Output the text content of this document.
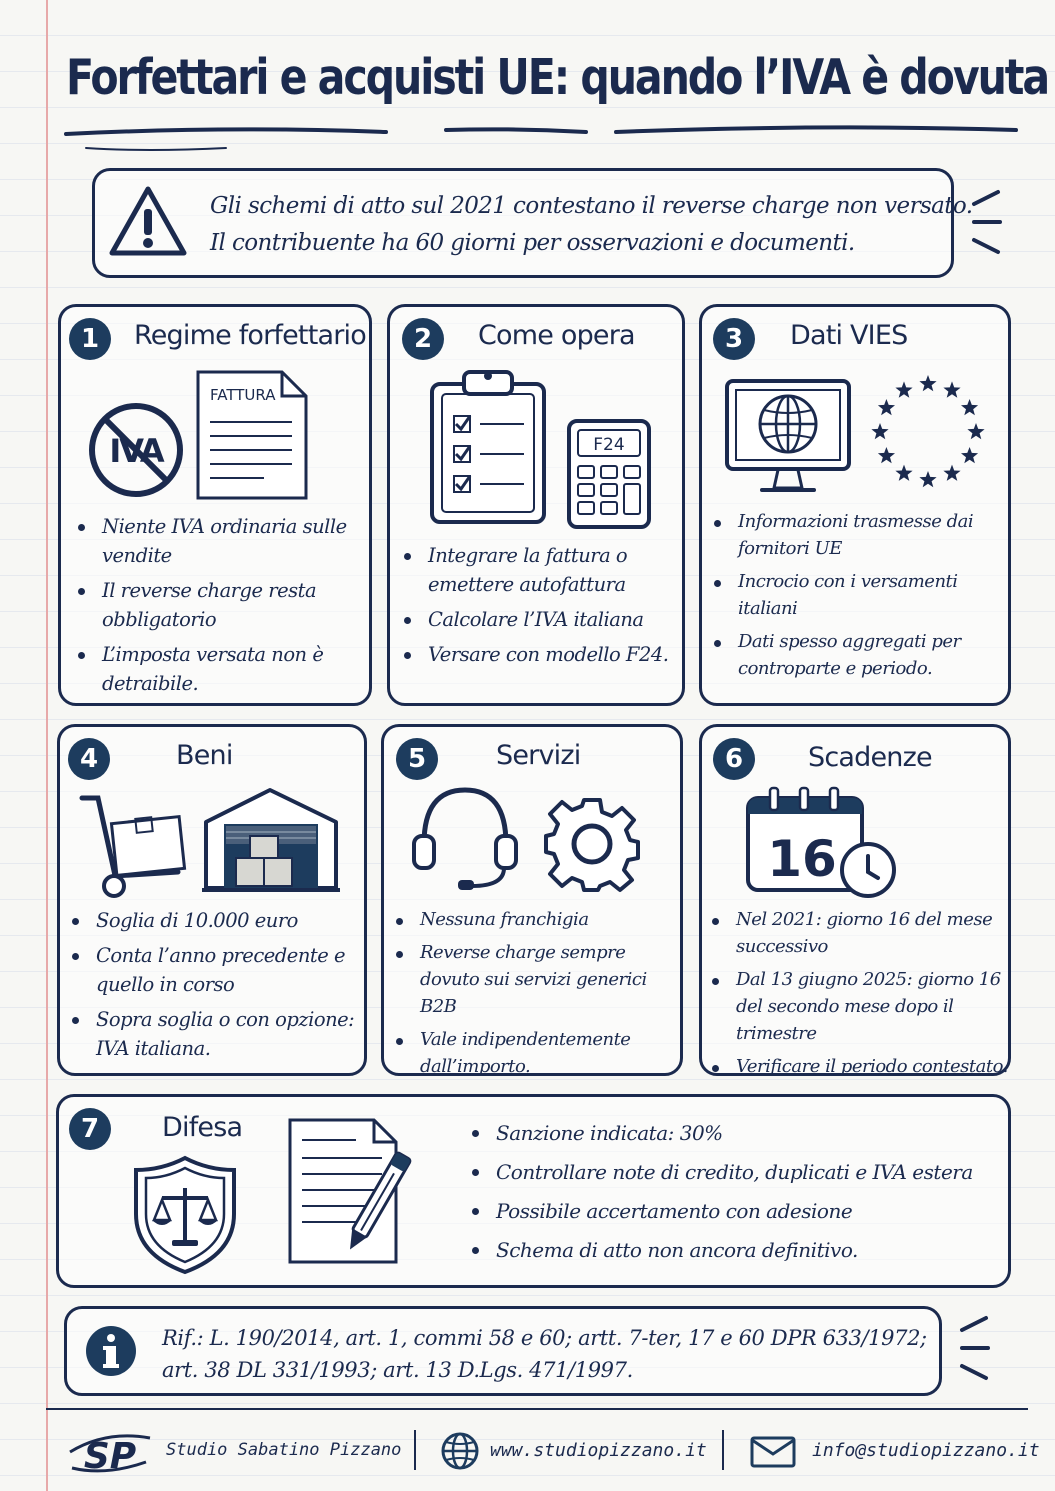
Forfettari e acquisti UE: quando l’IVA è dovuta
Gli schemi di atto sul 2021 contestano il reverse charge non versato.
Il contribuente ha 60 giorni per osservazioni e documenti.
1	Regime forfettario
IVA
FATTURA
Niente IVA ordinaria sulle vendite
Il reverse charge resta obbligatorio
L’imposta versata non è detraibile.
2	Come opera
F24
Integrare la fattura o emettere autofattura
Calcolare l’IVA italiana
Versare con modello F24.
3	Dati VIES
Informazioni trasmesse dai fornitori UE
Incrocio con i versamenti italiani
Dati spesso aggregati per controparte e periodo.
4	Beni
Soglia di 10.000 euro
Conta l’anno precedente e quello in corso
Sopra soglia o con opzione: IVA italiana.
5	Servizi
Nessuna franchigia
Reverse charge sempre dovuto sui servizi generici B2B
Vale indipendentemente dall’importo.
6	Scadenze
16
Nel 2021: giorno 16 del mese successivo
Dal 13 giugno 2025: giorno 16 del secondo mese dopo il trimestre
Verificare il periodo contestato.
7	Difesa	Sanzione indicata: 30%
Controllare note di credito, duplicati e IVA estera
Possibile accertamento con adesione
Schema di atto non ancora definitivo.
Rif.: L. 190/2014, art. 1, commi 58 e 60; artt. 7-ter, 17 e 60 DPR 633/1972;
art. 38 DL 331/1993; art. 13 D.Lgs. 471/1997.
SP Studio Sabatino Pizzano	www.studiopizzano.it	info@studiopizzano.it
